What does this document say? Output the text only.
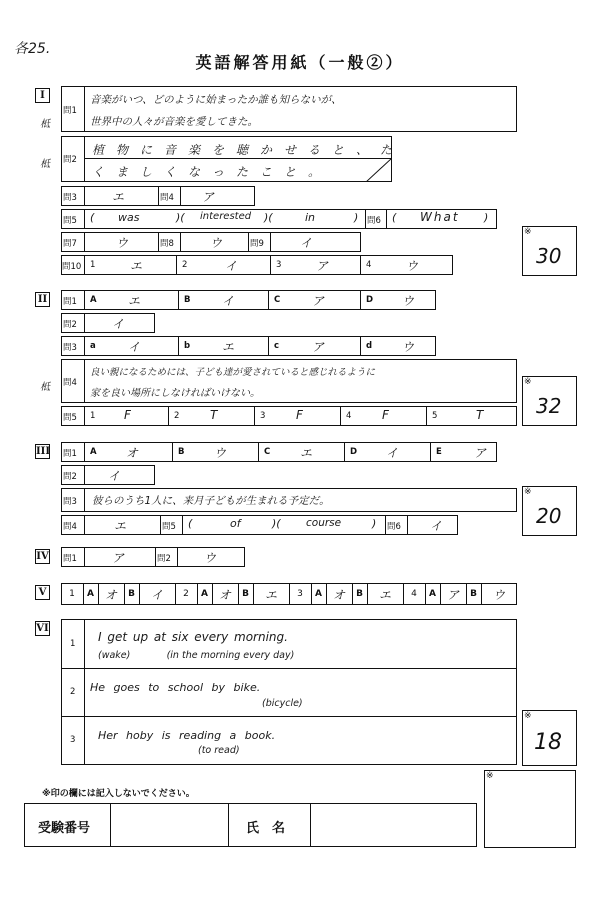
各25.
英語解答用紙（一般②）
I
柢
柢
問1
音楽がいつ、どのように始まったか誰も知らないが、
世界中の人々が音楽を愛してきた。
問2
植物に音楽を聴かせると、た
くましくなったこと。
問3	エ	問4 ア
問5 ( was	)( interested )(	in	) 問6 ( What )
問7	ウ	問8	ウ	問9	イ
問10 1	エ	2	イ	3	ア	4	ウ
※
30
II
柢
問1 A	エ	B	イ	C	ア	D ウ
問2	イ
問3 a	イ	b	エ	c	ア	d ウ
問4
良い親になるためには、子ども達が愛されていると感じれるように
家を良い場所にしなければいけない。
問5 1 F	2	T	3	F	4	F	5	T
※
32
III 問1 A オ	B ウ	C エ	D イ	E	ア
問2	イ
問3 彼らのうち1人に、来月子どもが生まれる予定だ。
問4	エ	問5 (	of	)( course	) 問6 イ
※
20
IV 問1	ア	問2	ウ
V	1	A オ	B	イ	2	A オ	B	エ	3	A オ	B	エ	4	A ア	B	ウ
VI
1 I get up at six every morning.
(wake)            (in the morning every day)
2 He goes to school by bike.
(bicycle)
3 Her hoby is reading a book.
(to read)
※
18
※印の欄には記入しないでください。
受験番号	氏　名
※
